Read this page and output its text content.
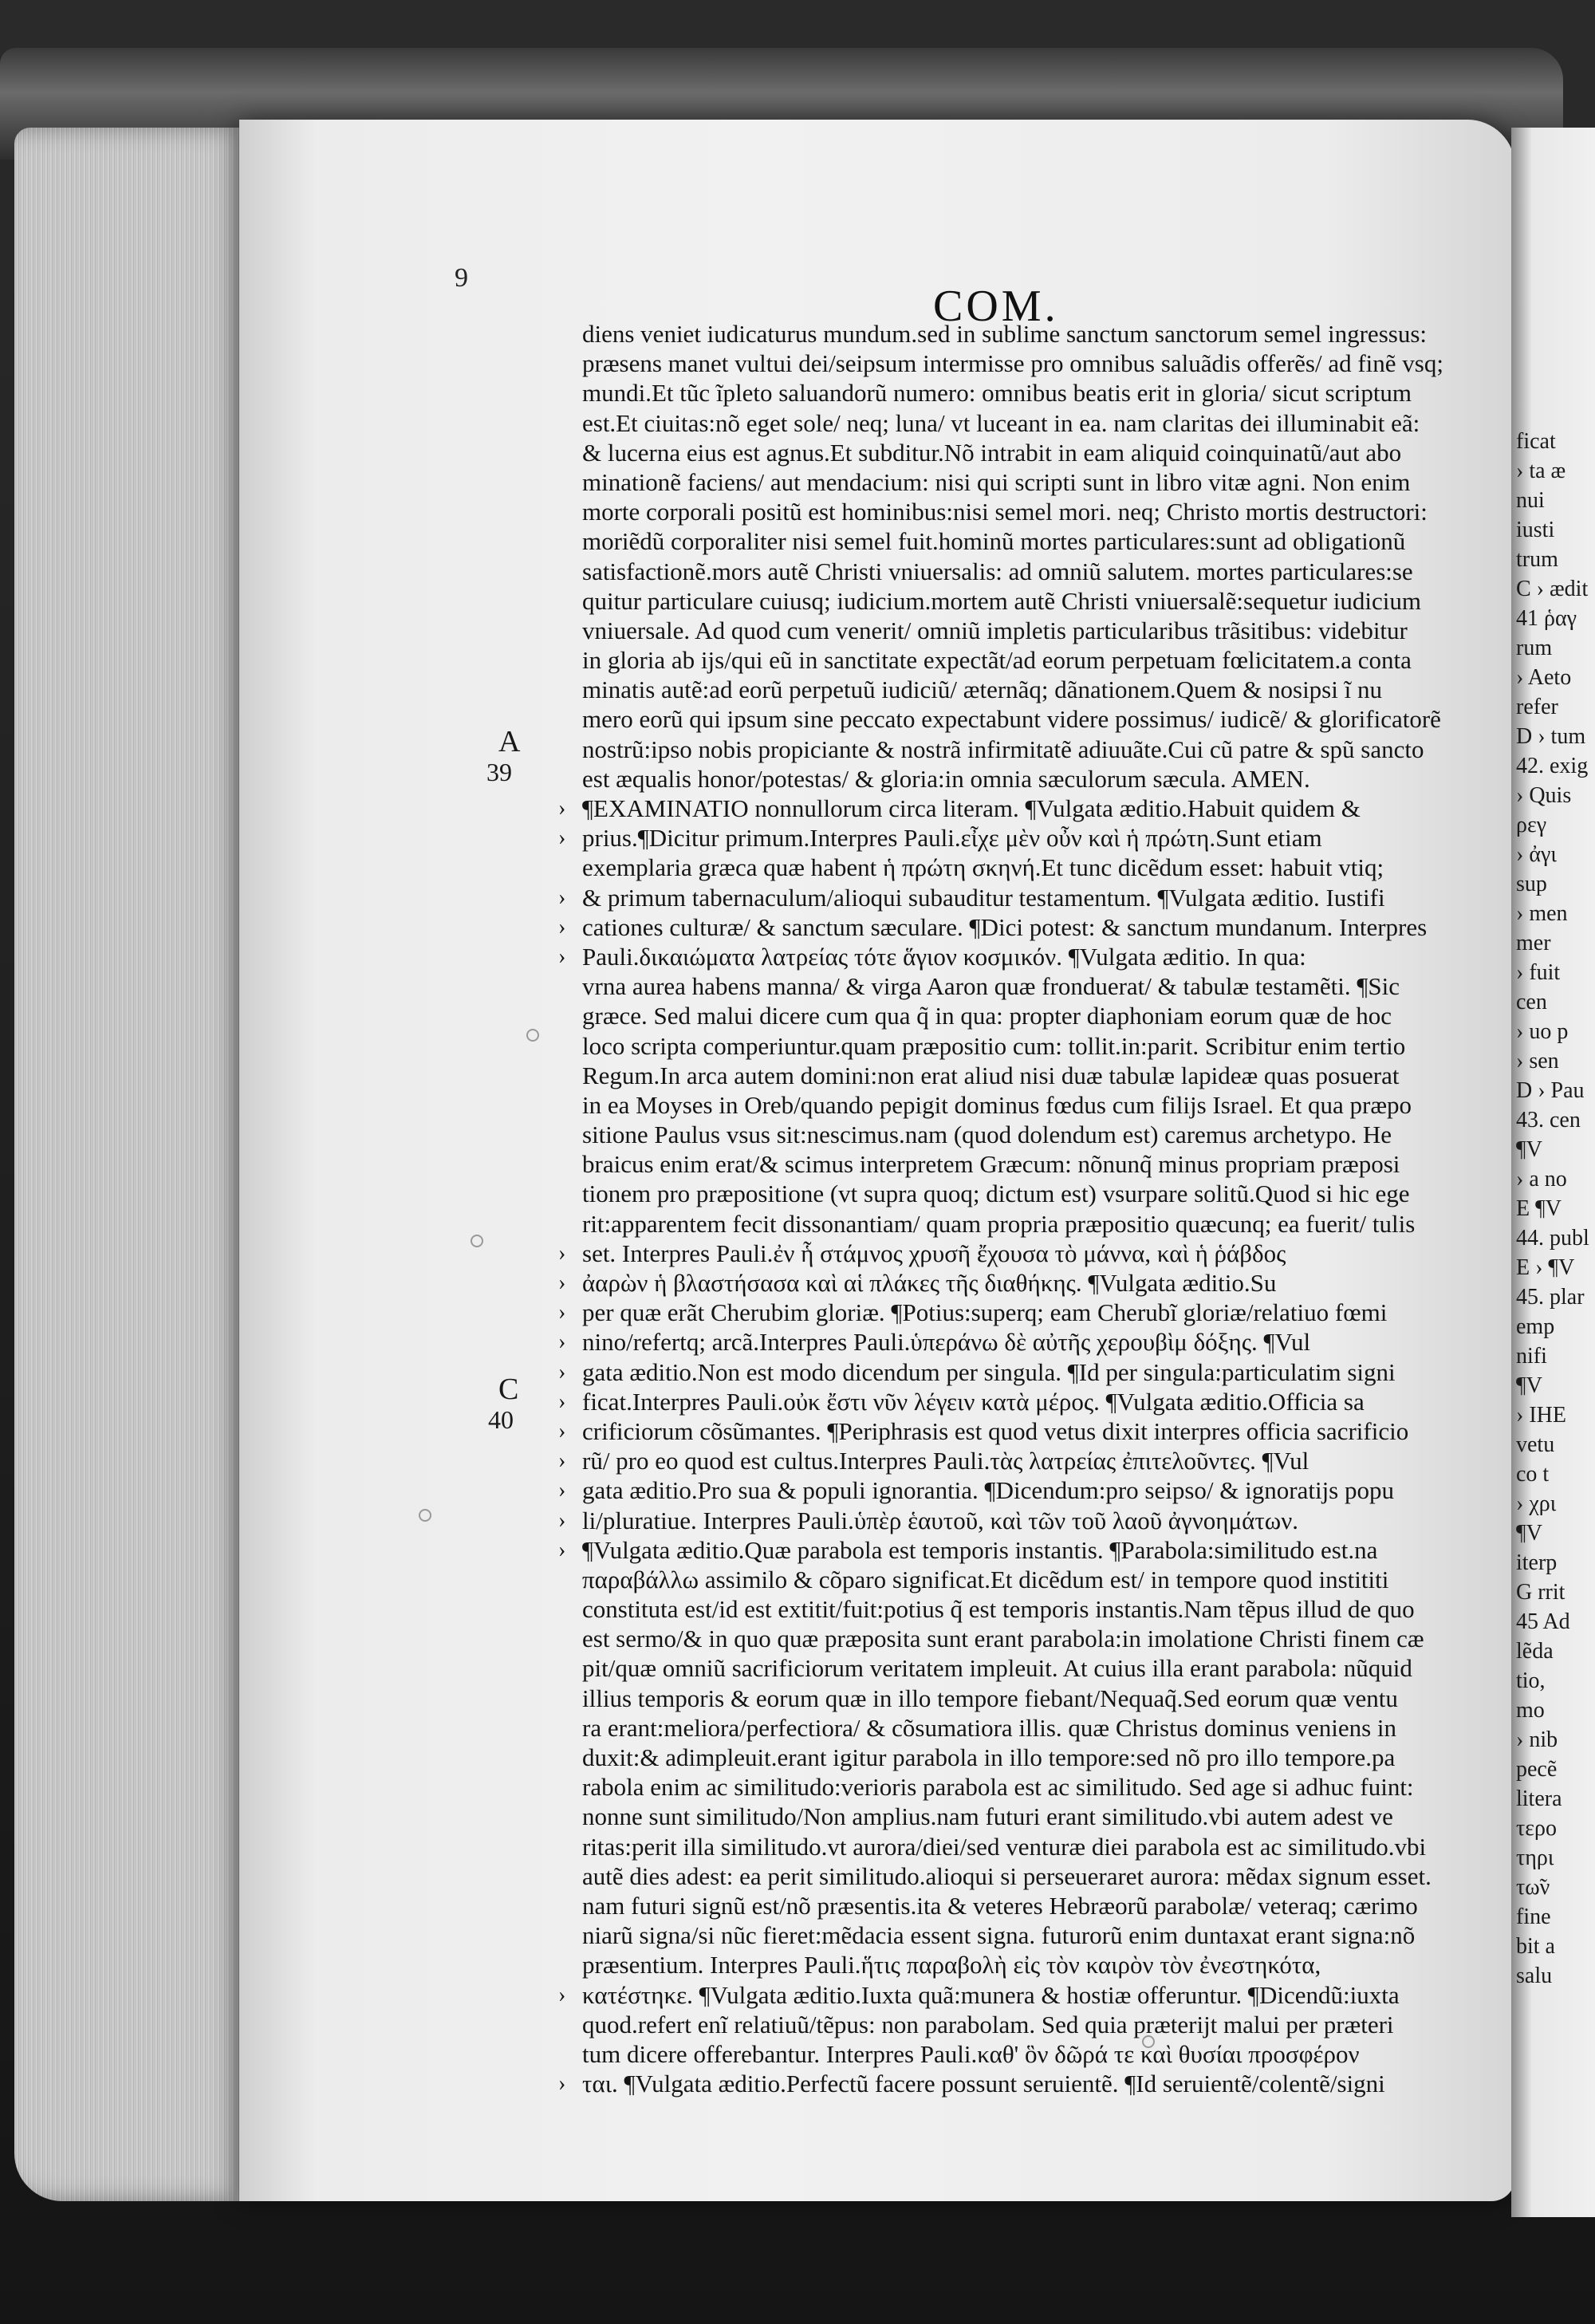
9
COM.
A
39
C
40
diens veniet iudicaturus mundum.sed in sublime sanctum sanctorum semel ingressus:
præsens manet vultui dei/seipsum intermisse pro omnibus saluãdis offerẽs/ ad finẽ vsq;
mundi.Et tũc ĩpleto saluandorũ numero: omnibus beatis erit in gloria/ sicut scriptum
est.Et ciuitas:nõ eget sole/ neq; luna/ vt luceant in ea. nam claritas dei illuminabit eã:
& lucerna eius est agnus.Et subditur.Nõ intrabit in eam aliquid coinquinatũ/aut abo
minationẽ faciens/ aut mendacium: nisi qui scripti sunt in libro vitæ agni. Non enim
morte corporali positũ est hominibus:nisi semel mori. neq; Christo mortis destructori:
moriẽdũ corporaliter nisi semel fuit.hominũ mortes particulares:sunt ad obligationũ
satisfactionẽ.mors autẽ Christi vniuersalis: ad omniũ salutem. mortes particulares:se
quitur particulare cuiusq; iudicium.mortem autẽ Christi vniuersalẽ:sequetur iudicium
vniuersale. Ad quod cum venerit/ omniũ impletis particularibus trãsitibus: videbitur
in gloria ab ijs/qui eũ in sanctitate expectãt/ad eorum perpetuam fœlicitatem.a conta
minatis autẽ:ad eorũ perpetuũ iudiciũ/ æternãq; dãnationem.Quem & nosipsi ĩ nu
mero eorũ qui ipsum sine peccato expectabunt videre possimus/ iudicẽ/ & glorificatorẽ
nostrũ:ipso nobis propiciante & nostrã infirmitatẽ adiuuãte.Cui cũ patre & spũ sancto
est æqualis honor/potestas/ & gloria:in omnia sæculorum sæcula. AMEN.
› ¶EXAMINATIO nonnullorum circa literam. ¶Vulgata æditio.Habuit quidem &
› prius.¶Dicitur primum.Interpres Pauli.εἶχε μὲν οὖν καὶ ἡ πρώτη.Sunt etiam
exemplaria græca quæ habent ἡ πρώτη σκηνή.Et tunc dicẽdum esset: habuit vtiq;
› & primum tabernaculum/alioqui subauditur testamentum. ¶Vulgata æditio. Iustifi
› cationes culturæ/ & sanctum sæculare. ¶Dici potest: & sanctum mundanum. Interpres
› Pauli.δικαιώματα λατρείας τότε ἅγιον κοσμικόν. ¶Vulgata æditio. In qua:
vrna aurea habens manna/ & virga Aaron quæ fronduerat/ & tabulæ testamẽti. ¶Sic
græce. Sed malui dicere cum qua q̃ in qua: propter diaphoniam eorum quæ de hoc
loco scripta comperiuntur.quam præpositio cum: tollit.in:parit. Scribitur enim tertio
Regum.In arca autem domini:non erat aliud nisi duæ tabulæ lapideæ quas posuerat
in ea Moyses in Oreb/quando pepigit dominus fœdus cum filijs Israel. Et qua præpo
sitione Paulus vsus sit:nescimus.nam (quod dolendum est) caremus archetypo. He
braicus enim erat/& scimus interpretem Græcum: nõnunq̃ minus propriam præposi
tionem pro præpositione (vt supra quoq; dictum est) vsurpare solitũ.Quod si hic ege
rit:apparentem fecit dissonantiam/ quam propria præpositio quæcunq; ea fuerit/ tulis
› set. Interpres Pauli.ἐν ἧ στάμνος χρυσῆ ἔχουσα τὸ μάννα, καὶ ἡ ῥάβδος
› ἀαρὼν ἡ βλαστήσασα καὶ αἱ πλάκες τῆς διαθήκης. ¶Vulgata æditio.Su
› per quæ erãt Cherubim gloriæ. ¶Potius:superq; eam Cherubĩ gloriæ/relatiuo fœmi
› nino/refertq; arcã.Interpres Pauli.ὑπεράνω δὲ αὐτῆς χερουβὶμ δόξης. ¶Vul
› gata æditio.Non est modo dicendum per singula. ¶Id per singula:particulatim signi
› ficat.Interpres Pauli.οὐκ ἔστι νῦν λέγειν κατὰ μέρος. ¶Vulgata æditio.Officia sa
› crificiorum cõsũmantes. ¶Periphrasis est quod vetus dixit interpres officia sacrificio
› rũ/ pro eo quod est cultus.Interpres Pauli.τὰς λατρείας ἐπιτελοῦντες. ¶Vul
› gata æditio.Pro sua & populi ignorantia. ¶Dicendum:pro seipso/ & ignoratijs popu
› li/pluratiue. Interpres Pauli.ὑπὲρ ἑαυτοῦ, καὶ τῶν τοῦ λαοῦ ἀγνοημάτων.
› ¶Vulgata æditio.Quæ parabola est temporis instantis. ¶Parabola:similitudo est.na
παραβάλλω assimilo & cõparo significat.Et dicẽdum est/ in tempore quod instititi
constituta est/id est extitit/fuit:potius q̃ est temporis instantis.Nam tẽpus illud de quo
est sermo/& in quo quæ præposita sunt erant parabola:in imolatione Christi finem cæ
pit/quæ omniũ sacrificiorum veritatem impleuit. At cuius illa erant parabola: nũquid
illius temporis & eorum quæ in illo tempore fiebant/Nequaq̃.Sed eorum quæ ventu
ra erant:meliora/perfectiora/ & cõsumatiora illis. quæ Christus dominus veniens in
duxit:& adimpleuit.erant igitur parabola in illo tempore:sed nõ pro illo tempore.pa
rabola enim ac similitudo:verioris parabola est ac similitudo. Sed age si adhuc fuint:
nonne sunt similitudo/Non amplius.nam futuri erant similitudo.vbi autem adest ve
ritas:perit illa similitudo.vt aurora/diei/sed venturæ diei parabola est ac similitudo.vbi
autẽ dies adest: ea perit similitudo.alioqui si perseueraret aurora: mẽdax signum esset.
nam futuri signũ est/nõ præsentis.ita & veteres Hebræorũ parabolæ/ veteraq; cærimo
niarũ signa/si nũc fieret:mẽdacia essent signa. futurorũ enim duntaxat erant signa:nõ
præsentium. Interpres Pauli.ἥτις παραβολὴ εἰς τὸν καιρὸν τὸν ἐνεστηκότα,
› κατέστηκε. ¶Vulgata æditio.Iuxta quã:munera & hostiæ offeruntur. ¶Dicendũ:iuxta
quod.refert enĩ relatiuũ/tẽpus: non parabolam. Sed quia præterijt malui per præteri
tum dicere offerebantur. Interpres Pauli.καθ' ὃν δῶρά τε καὶ θυσίαι προσφέρον
› ται. ¶Vulgata æditio.Perfectũ facere possunt seruientẽ. ¶Id seruientẽ/colentẽ/signi
ficat
› ta æ
nui
iusti
trum
C › ædit
41 ῥαγ
rum
› Aeto
refer
D › tum
42. exig
› Quis
ρεγ
› ἀγι
sup
› men
mer
› fuit
cen
› uo p
› sen
D › Pau
43. cen
¶V
› a no
E ¶V
44. publ
E › ¶V
45. plar
emp
nifi
¶V
› IHE
vetu
co t
› χρι
¶V
iterp
G rrit
45 Ad
lẽda
tio,
mo
› nib
pecẽ
litera
τερο
τηρι
τω̃ν
fine
bit a
salu
